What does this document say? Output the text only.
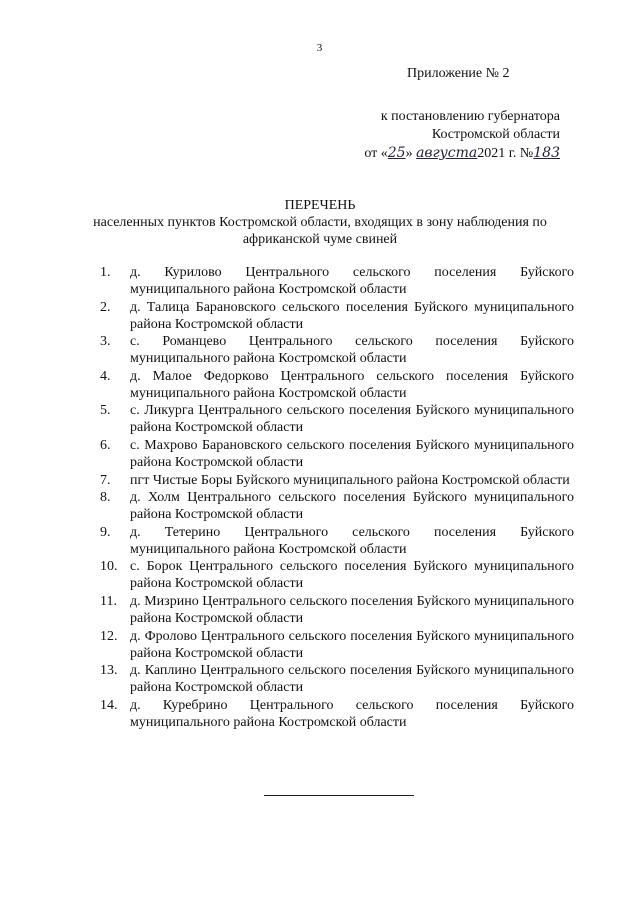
3
Приложение № 2
к постановлению губернатора
Костромской области
от «25» августа2021 г. №183
ПЕРЕЧЕНЬ
населенных пунктов Костромской области, входящих в зону наблюдения по африканской чуме свиней
1.	д. Курилово Центрального сельского поселения Буйского муниципального района Костромской области
2.	д. Талица Барановского сельского поселения Буйского муниципального района Костромской области
3.	с. Романцево Центрального сельского поселения Буйского муниципального района Костромской области
4.	д. Малое Федорково Центрального сельского поселения Буйского муниципального района Костромской области
5.	с. Ликурга Центрального сельского поселения Буйского муниципального района Костромской области
6.	с. Махрово Барановского сельского поселения Буйского муниципального района Костромской области
7.	пгт Чистые Боры Буйского муниципального района Костромской области
8.	д. Холм Центрального сельского поселения Буйского муниципального района Костромской области
9.	д. Тетерино Центрального сельского поселения Буйского муниципального района Костромской области
10. с. Борок Центрального сельского поселения Буйского муниципального района Костромской области
11. д. Мизрино Центрального сельского поселения Буйского муниципального района Костромской области
12. д. Фролово Центрального сельского поселения Буйского муниципального района Костромской области
13. д. Каплино Центрального сельского поселения Буйского муниципального района Костромской области
14. д. Куребрино Центрального сельского поселения Буйского муниципального района Костромской области
